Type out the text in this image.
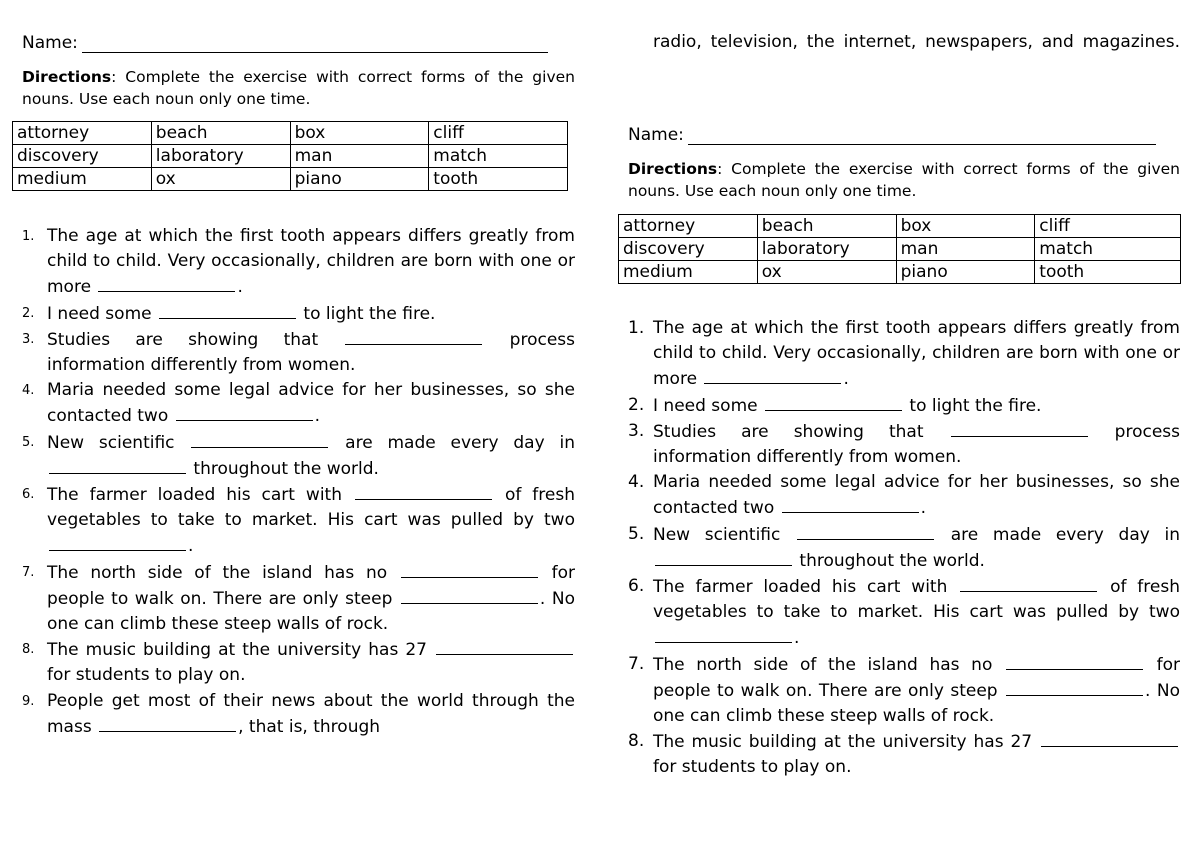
Name:
Directions: Complete the exercise with correct forms of the given nouns. Use each noun only one time.
attorney	beach	box	cliff
discovery	laboratory	man	match
medium	ox	piano	tooth
1. The age at which the first tooth appears differs greatly from child to child. Very occasionally, children are born with one or more	.
2. I need some	to light the fire.
3. Studies are showing that	process information differently from women.
4. Maria needed some legal advice for her businesses, so she contacted two	.
5. New scientific	are made every day in  throughout the world.
6. The farmer loaded his cart with	of fresh vegetables to take to market. His cart was pulled by two .
7. The north side of the island has no	for people to walk on. There are only steep	. No one can climb these steep walls of rock.
8. The music building at the university has 27  for students to play on.
9. People get most of their news about the world through the mass	, that is, through
radio, television, the internet, newspapers, and magazines.
Name:
Directions: Complete the exercise with correct forms of the given nouns. Use each noun only one time.
attorney	beach	box	cliff
discovery	laboratory	man	match
medium	ox	piano	tooth
1. The age at which the first tooth appears differs greatly from child to child. Very occasionally, children are born with one or more	.
2. I need some	to light the fire.
3. Studies are showing that	process information differently from women.
4. Maria needed some legal advice for her businesses, so she contacted two	.
5. New scientific	are made every day in  throughout the world.
6. The farmer loaded his cart with	of fresh vegetables to take to market. His cart was pulled by two .
7. The north side of the island has no	for people to walk on. There are only steep	. No one can climb these steep walls of rock.
8. The music building at the university has 27  for students to play on.
